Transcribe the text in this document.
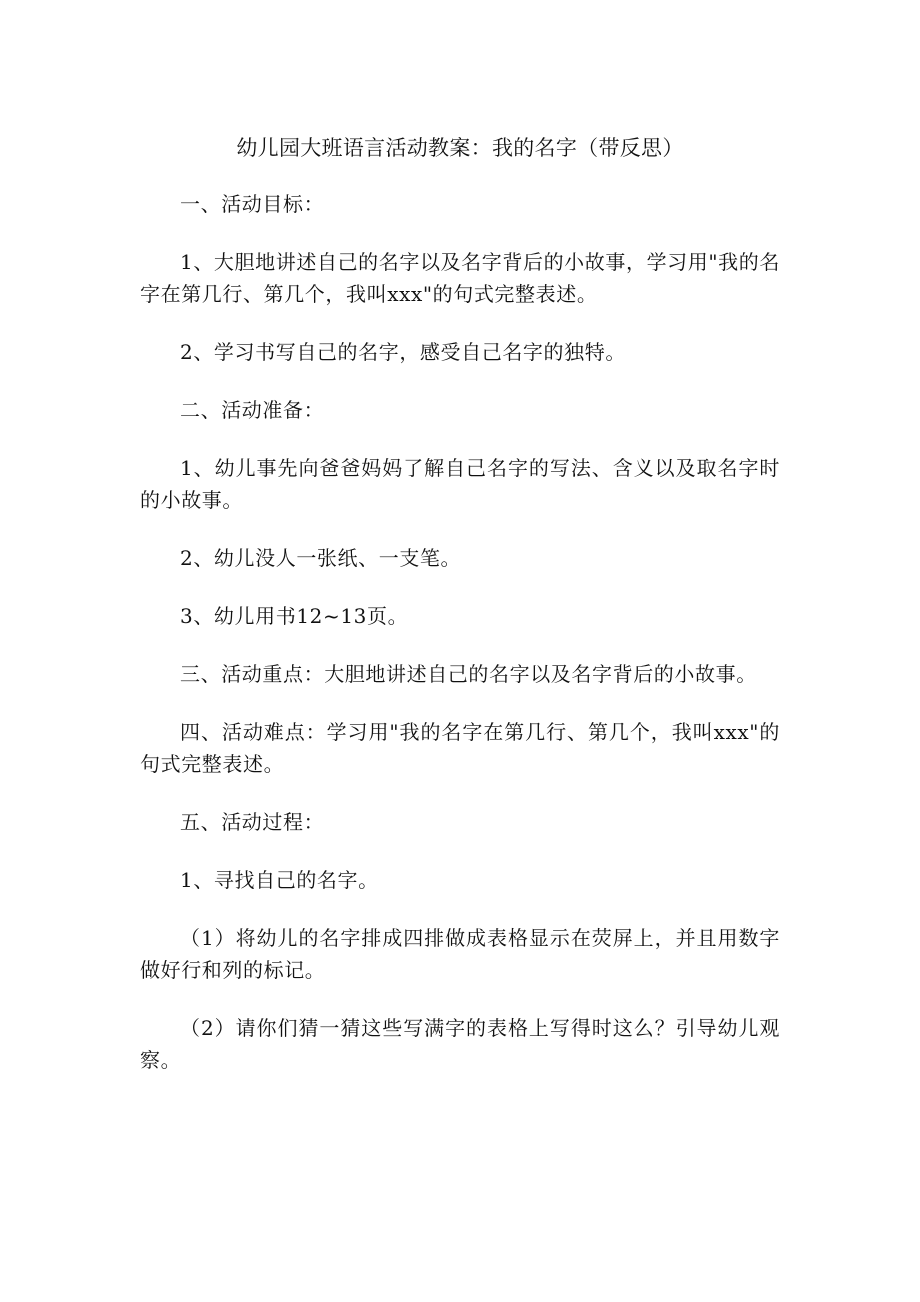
幼儿园大班语言活动教案：我的名字（带反思）

一、活动目标：

1、大胆地讲述自己的名字以及名字背后的小故事，学习用"我的名字在第几行、第几个，我叫xxx"的句式完整表述。

2、学习书写自己的名字，感受自己名字的独特。

二、活动准备：

1、幼儿事先向爸爸妈妈了解自己名字的写法、含义以及取名字时的小故事。

2、幼儿没人一张纸、一支笔。

3、幼儿用书12~13页。

三、活动重点：大胆地讲述自己的名字以及名字背后的小故事。

四、活动难点：学习用"我的名字在第几行、第几个，我叫xxx"的句式完整表述。

五、活动过程：

1、寻找自己的名字。

（1）将幼儿的名字排成四排做成表格显示在荧屏上，并且用数字做好行和列的标记。

（2）请你们猜一猜这些写满字的表格上写得时这么？引导幼儿观察。
